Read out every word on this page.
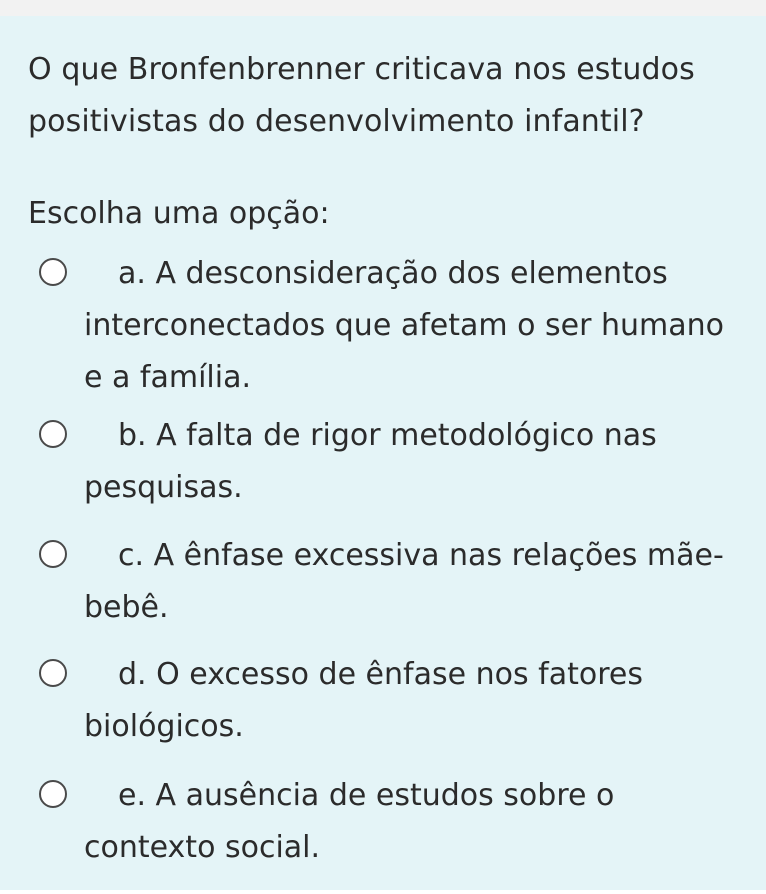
O que Bronfenbrenner criticava nos estudos positivistas do desenvolvimento infantil?

Escolha uma opção:

a. A desconsideração dos elementos interconectados que afetam o ser humano e a família.
b. A falta de rigor metodológico nas pesquisas.
c. A ênfase excessiva nas relações mãe-bebê.
d. O excesso de ênfase nos fatores biológicos.
e. A ausência de estudos sobre o contexto social.
